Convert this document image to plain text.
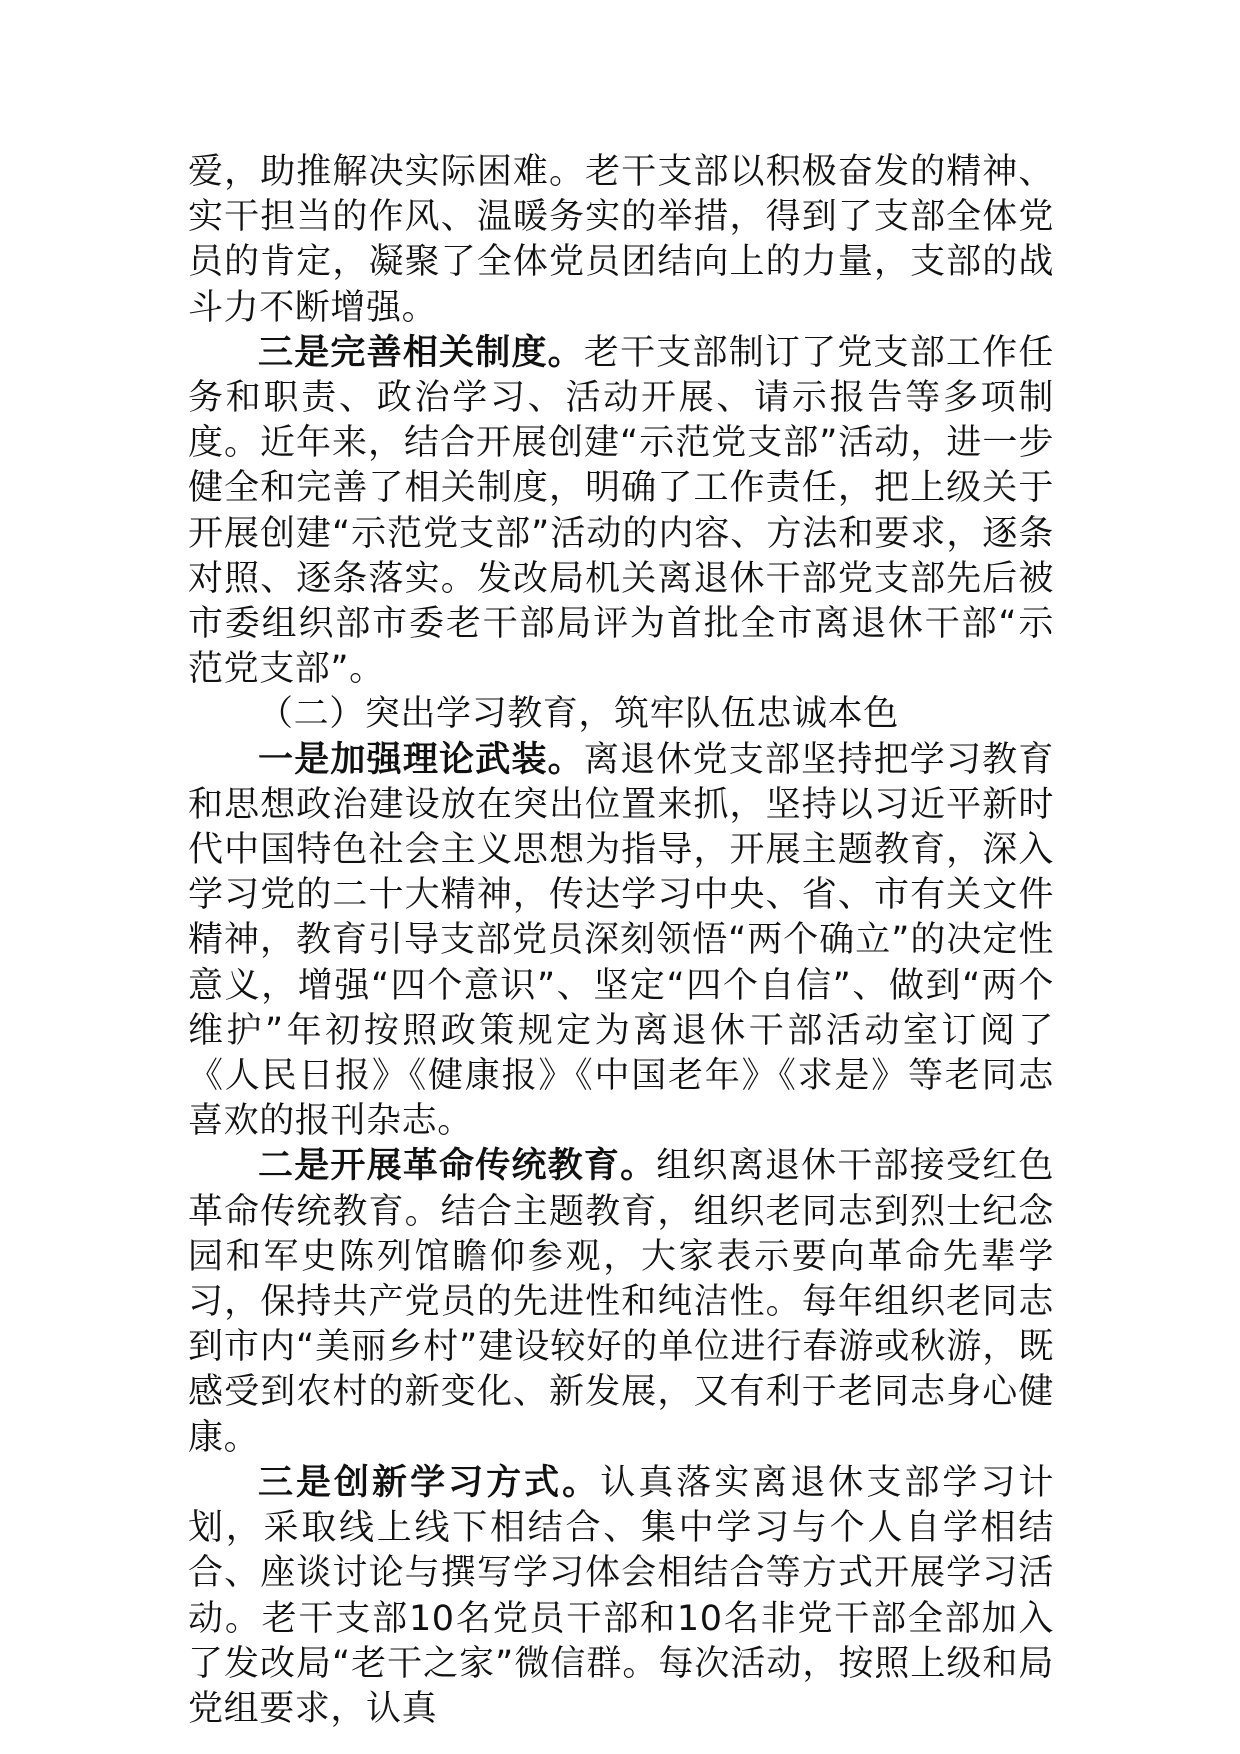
爱，助推解决实际困难。老干支部以积极奋发的精神、实干担当的作风、温暖务实的举措，得到了支部全体党员的肯定，凝聚了全体党员团结向上的力量，支部的战斗力不断增强。

三是完善相关制度。老干支部制订了党支部工作任务和职责、政治学习、活动开展、请示报告等多项制度。近年来，结合开展创建“示范党支部”活动，进一步健全和完善了相关制度，明确了工作责任，把上级关于开展创建“示范党支部”活动的内容、方法和要求，逐条对照、逐条落实。发改局机关离退休干部党支部先后被市委组织部市委老干部局评为首批全市离退休干部“示范党支部”。

（二）突出学习教育，筑牢队伍忠诚本色

一是加强理论武装。离退休党支部坚持把学习教育和思想政治建设放在突出位置来抓，坚持以习近平新时代中国特色社会主义思想为指导，开展主题教育，深入学习党的二十大精神，传达学习中央、省、市有关文件精神，教育引导支部党员深刻领悟“两个确立”的决定性意义，增强“四个意识”、坚定“四个自信”、做到“两个维护”年初按照政策规定为离退休干部活动室订阅了《人民日报》《健康报》《中国老年》《求是》等老同志喜欢的报刊杂志。

二是开展革命传统教育。组织离退休干部接受红色革命传统教育。结合主题教育，组织老同志到烈士纪念园和军史陈列馆瞻仰参观，大家表示要向革命先辈学习，保持共产党员的先进性和纯洁性。每年组织老同志到市内“美丽乡村”建设较好的单位进行春游或秋游，既感受到农村的新变化、新发展，又有利于老同志身心健康。

三是创新学习方式。认真落实离退休支部学习计划，采取线上线下相结合、集中学习与个人自学相结合、座谈讨论与撰写学习体会相结合等方式开展学习活动。老干支部10名党员干部和10名非党干部全部加入了发改局“老干之家”微信群。每次活动，按照上级和局党组要求，认真
